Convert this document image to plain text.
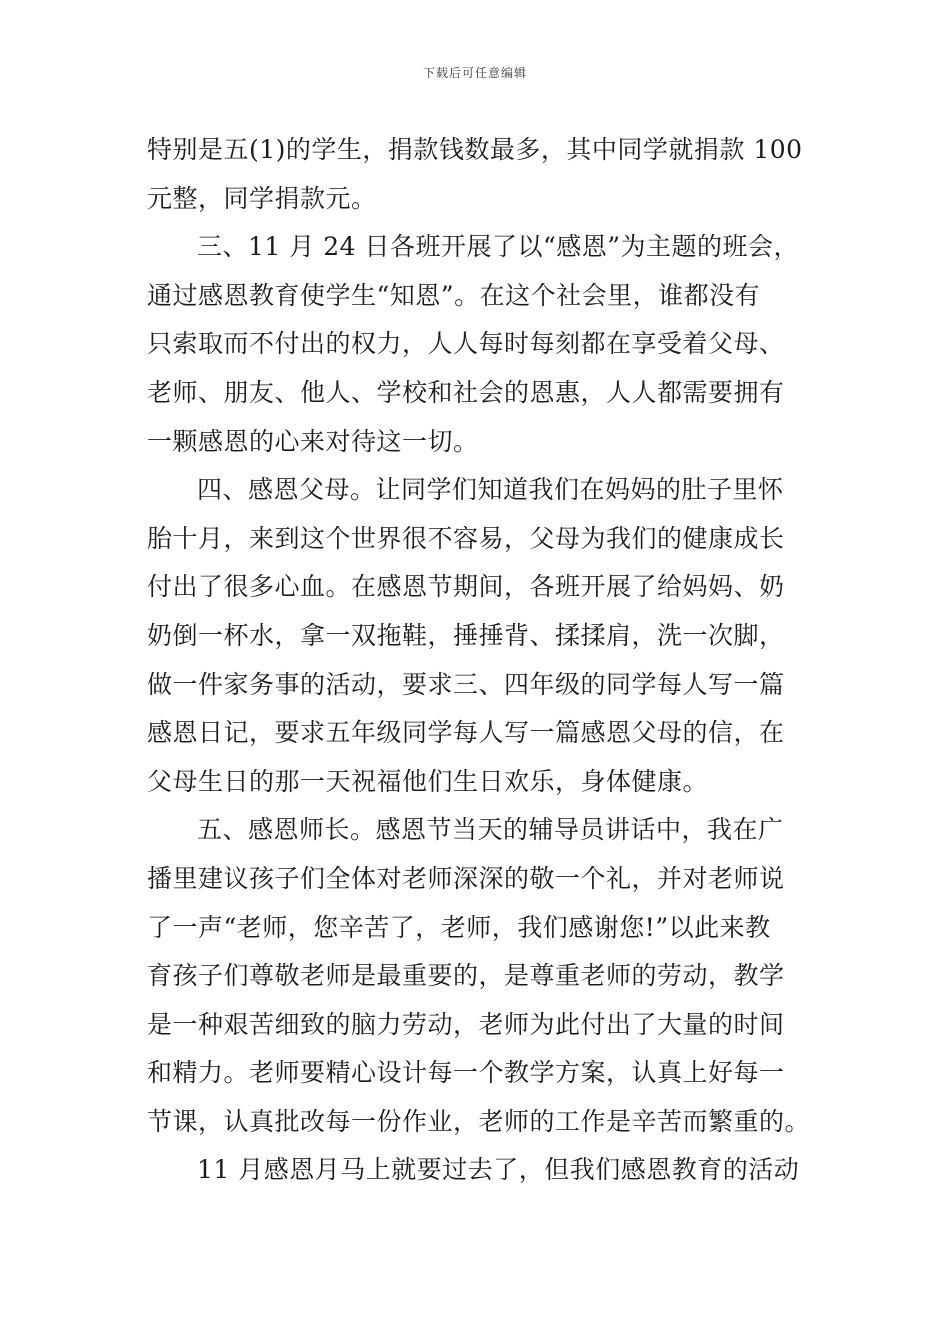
下载后可任意编辑
特别是五(1)的学生，捐款钱数最多，其中同学就捐款 100
元整，同学捐款元。
三、11 月 24 日各班开展了以“感恩”为主题的班会，
通过感恩教育使学生“知恩”。在这个社会里，谁都没有
只索取而不付出的权力，人人每时每刻都在享受着父母、
老师、朋友、他人、学校和社会的恩惠，人人都需要拥有
一颗感恩的心来对待这一切。
四、感恩父母。让同学们知道我们在妈妈的肚子里怀
胎十月，来到这个世界很不容易，父母为我们的健康成长
付出了很多心血。在感恩节期间，各班开展了给妈妈、奶
奶倒一杯水，拿一双拖鞋，捶捶背、揉揉肩，洗一次脚，
做一件家务事的活动，要求三、四年级的同学每人写一篇
感恩日记，要求五年级同学每人写一篇感恩父母的信，在
父母生日的那一天祝福他们生日欢乐，身体健康。
五、感恩师长。感恩节当天的辅导员讲话中，我在广
播里建议孩子们全体对老师深深的敬一个礼，并对老师说
了一声“老师，您辛苦了，老师，我们感谢您!”以此来教
育孩子们尊敬老师是最重要的，是尊重老师的劳动，教学
是一种艰苦细致的脑力劳动，老师为此付出了大量的时间
和精力。老师要精心设计每一个教学方案，认真上好每一
节课，认真批改每一份作业，老师的工作是辛苦而繁重的。
11 月感恩月马上就要过去了，但我们感恩教育的活动
